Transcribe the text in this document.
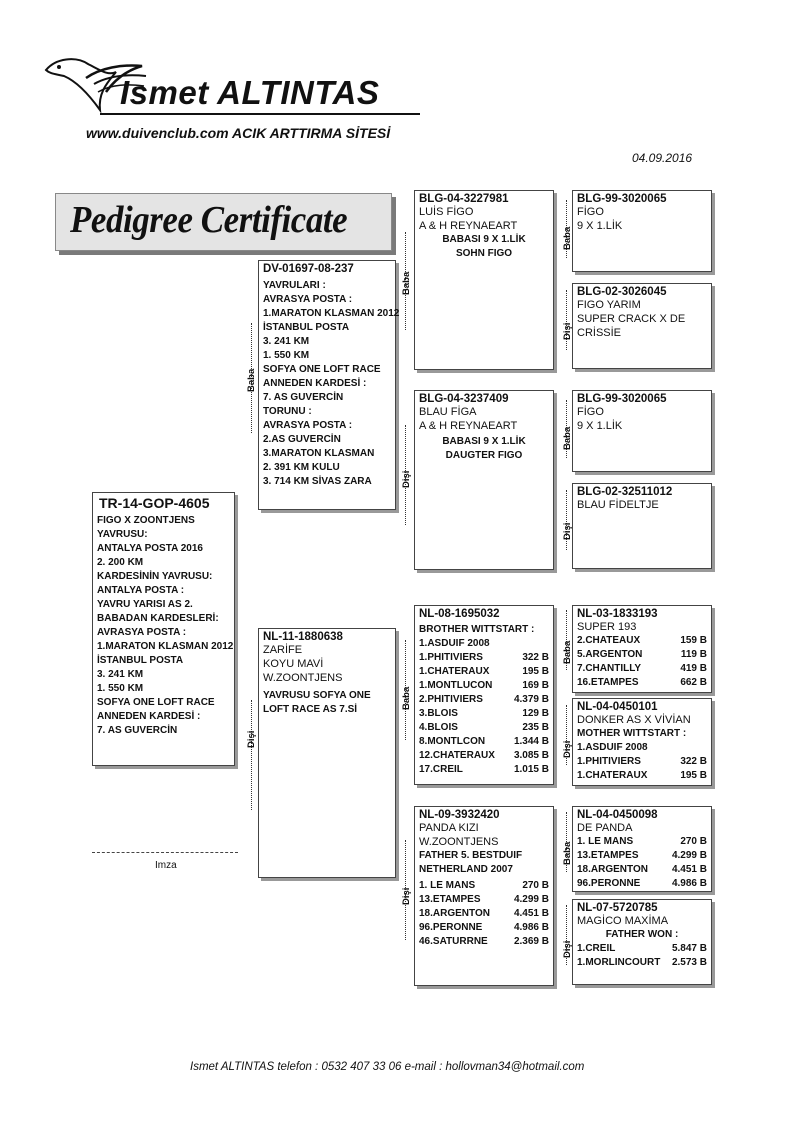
Ismet ALTINTAS
www.duivenclub.com ACIK ARTTIRMA SİTESİ
04.09.2016
Pedigree Certificate
TR-14-GOP-4605
FIGO X ZOONTJENS
YAVRUSU:
ANTALYA POSTA 2016
2. 200 KM
KARDESİNİN YAVRUSU:
ANTALYA POSTA :
YAVRU YARISI AS 2.
BABADAN KARDESLERİ:
AVRASYA POSTA :
1.MARATON KLASMAN 2012
İSTANBUL POSTA
3. 241 KM
1. 550 KM
SOFYA ONE LOFT RACE
ANNEDEN KARDESİ :
7. AS GUVERCİN
Imza
DV-01697-08-237
YAVRULARI :
AVRASYA POSTA :
1.MARATON KLASMAN 2012
İSTANBUL POSTA
3. 241 KM
1. 550 KM
SOFYA ONE LOFT RACE
ANNEDEN KARDESİ :
7. AS GUVERCİN
TORUNU :
AVRASYA POSTA :
2.AS GUVERCİN
3.MARATON KLASMAN
2. 391 KM KULU
3. 714 KM SİVAS ZARA
Baba
NL-11-1880638
ZARİFE
KOYU MAVİ
W.ZOONTJENS
YAVRUSU SOFYA ONE
LOFT RACE AS 7.Sİ
Dişi
BLG-04-3227981
LUİS FİGO
A & H REYNAEART
BABASI 9 X 1.LİK
SOHN FIGO
Baba
BLG-04-3237409
BLAU FİGA
A & H REYNAEART
BABASI 9 X 1.LİK
DAUGTER FIGO
Dişi
NL-08-1695032
BROTHER WITTSTART :
1.ASDUIF 2008
1.PHITIVIERS	322 B
1.CHATERAUX	195 B
1.MONTLUCON	169 B
2.PHITIVIERS	4.379 B
3.BLOIS	129 B
4.BLOIS	235 B
8.MONTLCON	1.344 B
12.CHATERAUX 3.085 B
17.CREIL	1.015 B
Baba
NL-09-3932420
PANDA KIZI
W.ZOONTJENS
FATHER 5. BESTDUIF
NETHERLAND 2007
1. LE MANS	270 B
13.ETAMPES	4.299 B
18.ARGENTON 4.451 B
96.PERONNE	4.986 B
46.SATURRNE	2.369 B
Dişi
BLG-99-3020065
FİGO
9 X 1.LİK
Baba
BLG-02-3026045
FIGO YARIM
SUPER CRACK X DE
CRİSSİE
Dişi
BLG-99-3020065
FİGO
9 X 1.LİK
Baba
BLG-02-32511012
BLAU FİDELTJE
Dişi
NL-03-1833193
SUPER 193
2.CHATEAUX	159 B
5.ARGENTON	119 B
7.CHANTILLY	419 B
16.ETAMPES	662 B
Baba
NL-04-0450101
DONKER AS X VİVİAN
MOTHER WITTSTART :
1.ASDUIF 2008
1.PHITIVIERS	322 B
1.CHATERAUX	195 B
Dişi
NL-04-0450098
DE PANDA
1. LE MANS	270 B
13.ETAMPES	4.299 B
18.ARGENTON 4.451 B
96.PERONNE	4.986 B
Baba
NL-07-5720785
MAGİCO MAXİMA
FATHER WON :
1.CREIL	5.847 B
1.MORLINCOURT 2.573 B
Dişi
Ismet ALTINTAS telefon : 0532 407 33 06 e-mail : hollovman34@hotmail.com
